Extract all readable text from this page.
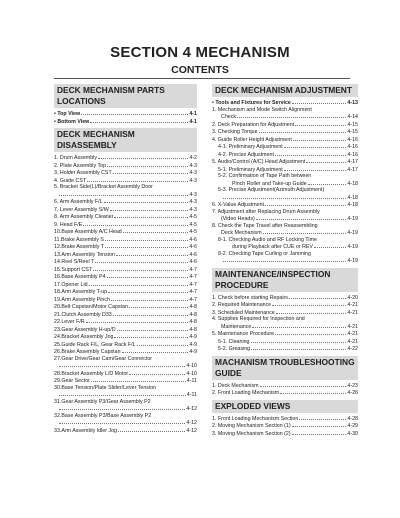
SECTION 4 MECHANISM
CONTENTS
DECK MECHANISM PARTS LOCATIONS
• Top View	4-1
• Bottom View	4-1
DECK MECHANISM DISASSEMBLY
1. Drum Assembly	4-2
2. Plate Assembly Top	4-3
3. Holder Assembly CST	4-3
4. Guide CST	4-3
5. Bracket Side(L)/Bracket Assembly Door
4-3
6. Arm Assembly F/L	4-3
7. Lever Assembly S/W	4-3
8. Arm Assembly Cleaner	4-5
9. Head F/E	4-5
10.Base Assembly A/C Head	4-5
11.Brake Assembly S	4-6
12.Brake Assembly T	4-6
13.Arm Assembly Tension	4-6
14.Reel S/Reel T	4-6
15.Support CST	4-7
16.Base Assembly P4	4-7
17.Opener Lid	4-7
18.Arm Assembly T-up	4-7
19.Arm Assembly Pinch	4-7
20.Belt Capstan/Motor Capstan	4-8
21.Clutch Assembly D33	4-8
22.Lever F/R	4-8
23.Gear Assembly H-up/D	4-8
24.Bracket Assembly Jog	4-9
25.Guide Rack F/L, Gear Rack F/L	4-9
26.Brake Assembly Capstan	4-9
27.Gear Drive/Gear Cam/Gear Connector
4-10
28.Bracket Assembly L/D Motor	4-10
29.Gear Sector	4-11
30.Base Tension/Plate Slider/Lever Tension
4-11
31.Gear Assembly P3/Gear Assembly P2
4-12
32.Base Assembly P3/Base Assembly P2
4-12
33.Arm Assembly Idler Jog	4-12
DECK MECHANISM ADJUSTMENT
• Tools and Fixtures for Service	4-13
1. Mechanism and Mode Switch Alignment
Check	4-14
2. Deck Preparation for Adjustment	4-15
3. Checking Torque	4-15
4. Guide Roller Height Adjustment	4-16
4-1. Preliminary Adjustment	4-16
4-2. Precise Adjustment	4-16
5. Audio/Control (A/C) Head Adjustment	4-17
5-1. Preliminary Adjustment	4-17
5-2. Confirmation of Tape Path between
Pinch Roller and Take-up Guide	4-18
5-3. Precise Adjustment(Azimuth Adjustment)
4-18
6. X-Value Adjustment	4-18
7. Adjustment after Replacing Drum Assembly
(Video Heads)	4-19
8. Check the Tape Travel after Reassembling
Deck Mechanism	4-19
8-1. Checking Audio and RF Locking Time
during Playback after CUE or REV	4-19
8-2. Checking Tape Curling or Jamming
4-19
MAINTENANCE/INSPECTION PROCEDURE
1. Check before starting Repairs	4-20
2. Required Maintenance	4-21
3. Scheduled Maintenance	4-21
4. Supplies Required for Inspection and
Maintenance	4-21
5. Maintenance Procedure	4-21
5-1. Cleaning	4-21
5-2. Greasing	4-22
MACHANISM TROUBLESHOOTING GUIDE
1. Deck Mechanism	4-23
2. Front Loading Mechanism	4-26
EXPLODED VIEWS
1. Front Loading Mechanism Section	4-28
2. Moving Mechanism Section (1)	4-29
3. Moving Mechanism Section (2)	4-30
